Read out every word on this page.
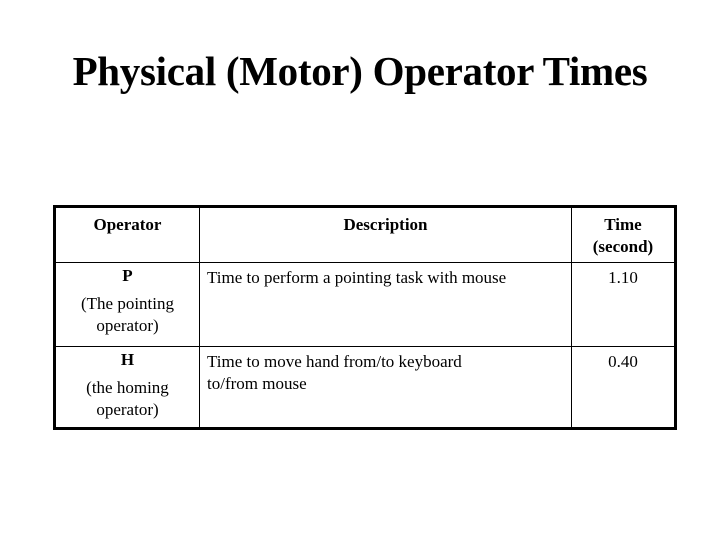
Physical (Motor) Operator Times
Operator	Description	Time
(second)

P
(The pointing
operator)	Time to perform a pointing task with mouse	1.10

H
(the homing
operator)	Time to move hand from/to keyboard to/from mouse	0.40
